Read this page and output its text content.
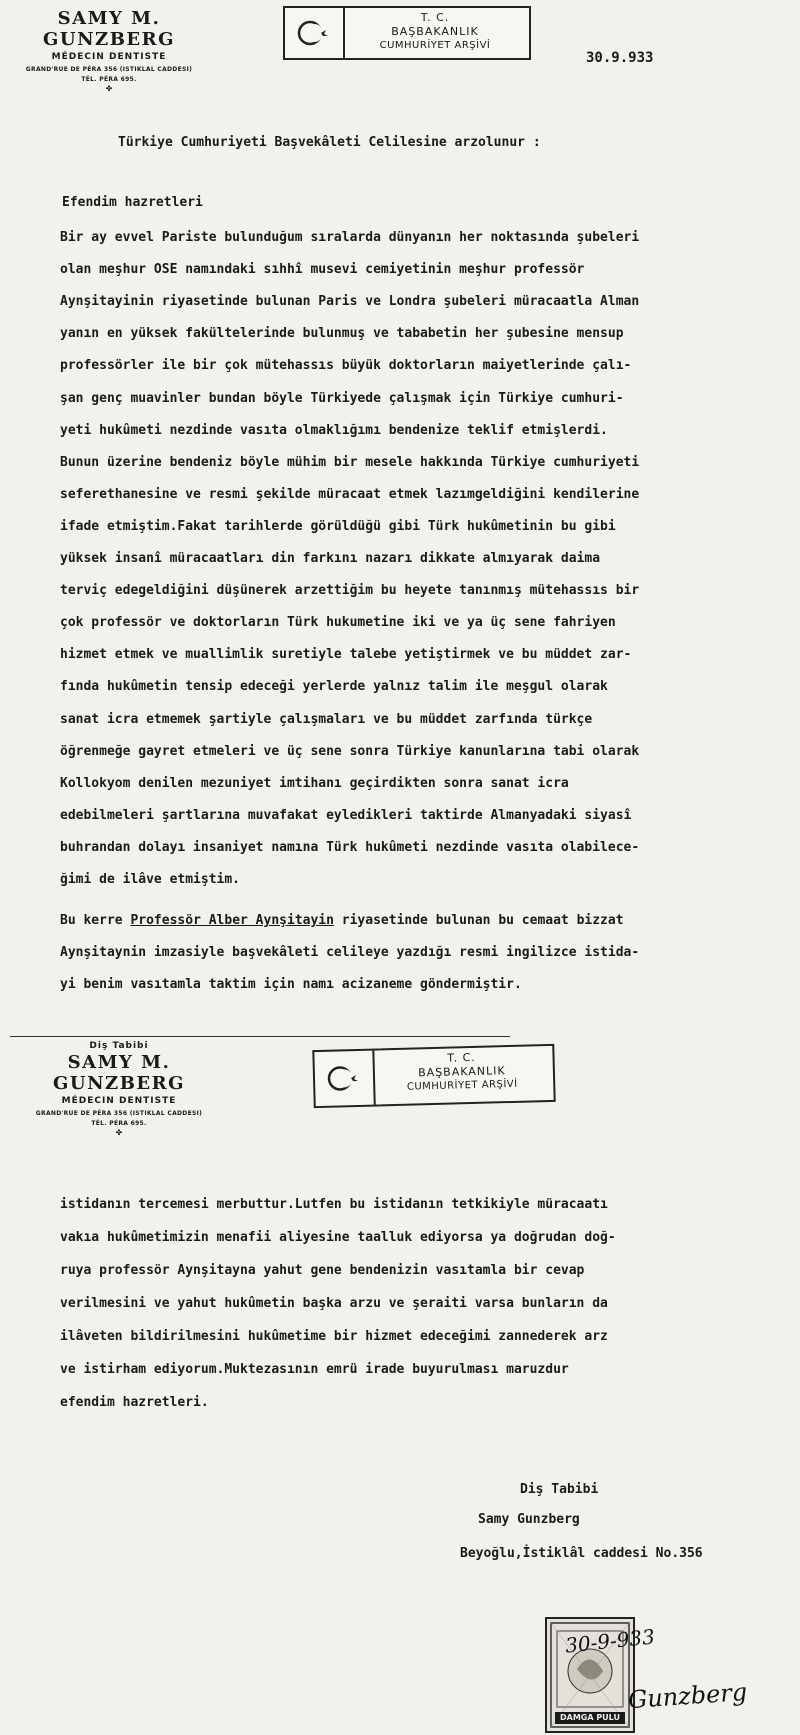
SAMY M. GUNZBERG
MÉDECIN DENTISTE
GRAND'RUE DE PÉRA 356 (ISTIKLAL CADDESI)
TÉL. PÉRA 695.
✤
T. C.
BAŞBAKANLIK
CUMHURİYET ARŞİVİ
30.9.933
Türkiye Cumhuriyeti Başvekâleti Celilesine arzolunur :
Efendim hazretleri
Bir ay evvel Pariste bulunduğum sıralarda dünyanın her noktasında şubeleri
olan meşhur OSE namındaki sıhhî musevi cemiyetinin meşhur professör
Aynşitayinin riyasetinde bulunan Paris ve Londra şubeleri müracaatla Alman
yanın en yüksek fakültelerinde bulunmuş ve tababetin her şubesine mensup
professörler ile bir çok mütehassıs büyük doktorların maiyetlerinde çalı-
şan genç muavinler bundan böyle Türkiyede çalışmak için Türkiye cumhuri-
yeti hukûmeti nezdinde vasıta olmaklığımı bendenize teklif etmişlerdi.
Bunun üzerine bendeniz böyle mühim bir mesele hakkında Türkiye cumhuriyeti
seferethanesine ve resmi şekilde müracaat etmek lazımgeldiğini kendilerine
ifade etmiştim.Fakat tarihlerde görüldüğü gibi Türk hukûmetinin bu gibi
yüksek insanî müracaatları din farkını nazarı dikkate almıyarak daima
terviç edegeldiğini düşünerek arzettiğim bu heyete tanınmış mütehassıs bir
çok professör ve doktorların Türk hukumetine iki ve ya üç sene fahriyen
hizmet etmek ve muallimlik suretiyle talebe yetiştirmek ve bu müddet zar-
fında hukûmetin tensip edeceği yerlerde yalnız talim ile meşgul olarak
sanat icra etmemek şartiyle çalışmaları ve bu müddet zarfında türkçe
öğrenmeğe gayret etmeleri ve üç sene sonra Türkiye kanunlarına tabi olarak
Kollokyom denilen mezuniyet imtihanı geçirdikten sonra sanat icra
edebilmeleri şartlarına muvafakat eyledikleri taktirde Almanyadaki siyasî
buhrandan dolayı insaniyet namına Türk hukûmeti nezdinde vasıta olabilece-
ğimi de ilâve etmiştim.
Bu kerre Professör Alber Aynşitayin riyasetinde bulunan bu cemaat bizzat
Aynşitaynin imzasiyle başvekâleti celileye yazdığı resmi ingilizce istida-
yi benim vasıtamla taktim için namı acizaneme göndermiştir.
Diş Tabibi
SAMY M. GUNZBERG
MÉDECIN DENTISTE
GRAND'RUE DE PÉRA 356 (ISTIKLAL CADDESI)
TÉL. PÉRA 695.
✤
T. C.
BAŞBAKANLIK
CUMHURİYET ARŞİVİ
istidanın tercemesi merbuttur.Lutfen bu istidanın tetkikiyle müracaatı
vakıa hukûmetimizin menafii aliyesine taalluk ediyorsa ya doğrudan doğ-
ruya professör Aynşitayna yahut gene bendenizin vasıtamla bir cevap
verilmesini ve yahut hukûmetin başka arzu ve şeraiti varsa bunların da
ilâveten bildirilmesini hukûmetime bir hizmet edeceğimi zannederek arz
ve istirham ediyorum.Muktezasının emrü irade buyurulması maruzdur
efendim hazretleri.
Diş Tabibi
Samy Gunzberg
Beyoğlu,İstiklâl caddesi No.356
DAMGA PULU
30-9-933
Gunzberg
